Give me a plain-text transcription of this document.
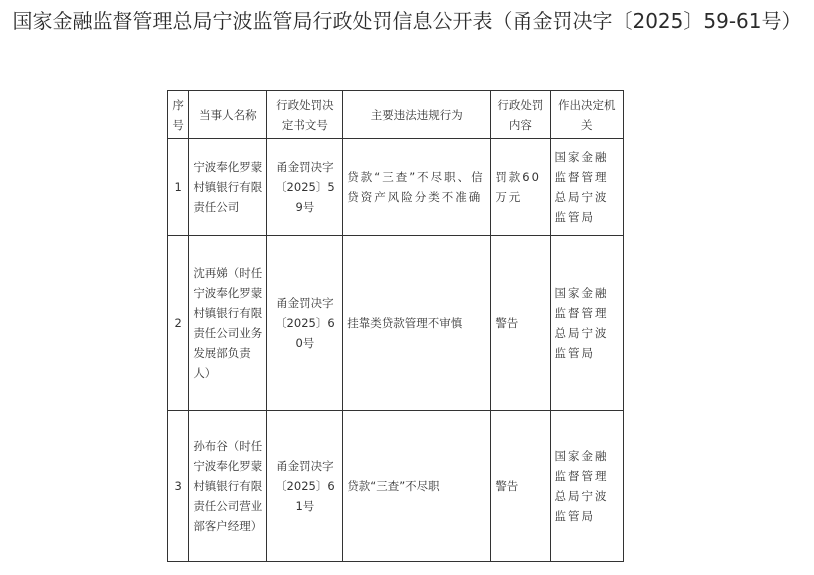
国家金融监督管理总局宁波监管局行政处罚信息公开表（甬金罚决字〔2025〕59-61号）
序号	当事人名称	行政处罚决定书文号	主要违法违规行为	行政处罚内容	作出决定机关
1	宁波奉化罗蒙村镇银行有限责任公司	甬金罚决字〔2025〕59号	贷款“三查”不尽职、信贷资产风险分类不准确	罚款60万元	国家金融监督管理总局宁波监管局
2	沈再娣（时任宁波奉化罗蒙村镇银行有限责任公司业务发展部负责人）	甬金罚决字〔2025〕60号	挂靠类贷款管理不审慎	警告	国家金融监督管理总局宁波监管局
3	孙布谷（时任宁波奉化罗蒙村镇银行有限责任公司营业部客户经理）	甬金罚决字〔2025〕61号	贷款“三查”不尽职	警告	国家金融监督管理总局宁波监管局
